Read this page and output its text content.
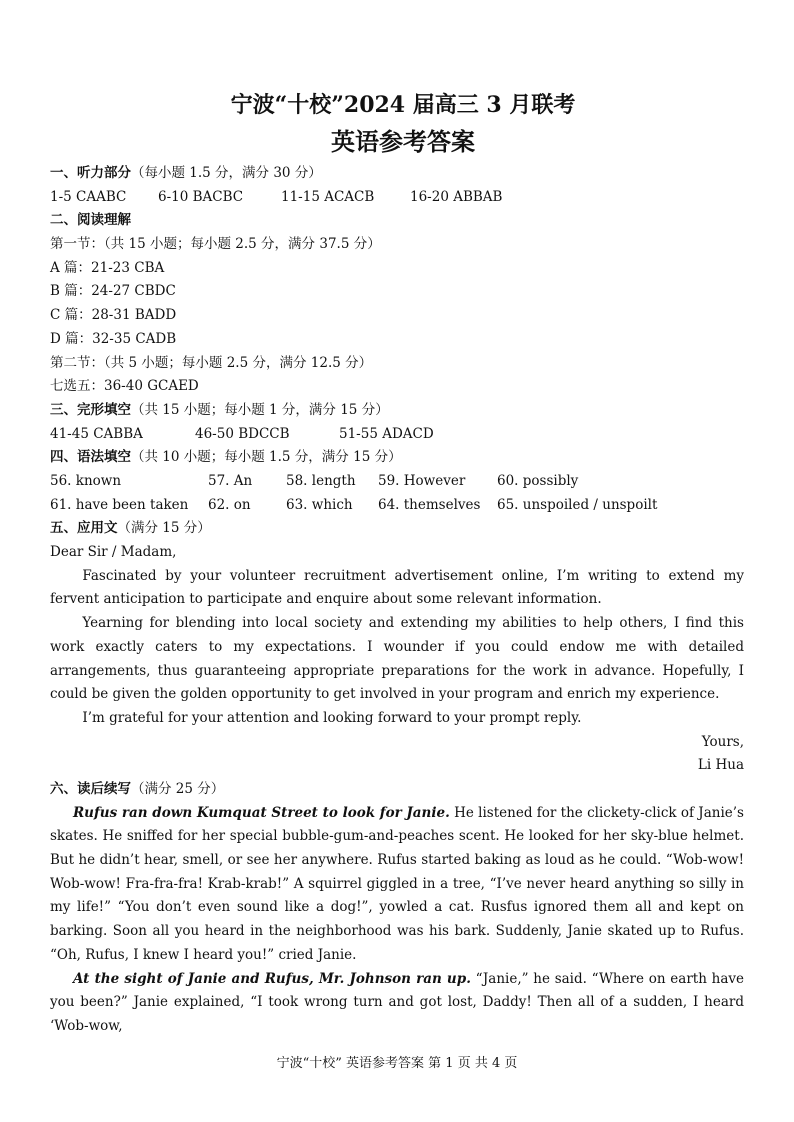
宁波“十校”2024 届高三 3 月联考
英语参考答案
一、听力部分（每小题 1.5 分，满分 30 分）
1-5 CAABC 6-10 BACBC	11-15 ACACB	16-20 ABBAB
二、阅读理解
第一节：（共 15 小题；每小题 2.5 分，满分 37.5 分）
A 篇：21-23 CBA
B 篇：24-27 CBDC
C 篇：28-31 BADD
D 篇：32-35 CADB
第二节：（共 5 小题；每小题 2.5 分，满分 12.5 分）
七选五：36-40 GCAED
三、完形填空（共 15 小题；每小题 1 分，满分 15 分）
41-45 CABBA	46-50 BDCCB	51-55 ADACD
四、语法填空（共 10 小题；每小题 1.5 分，满分 15 分）
56. known	57. An	58. length 59. However 60. possibly
61. have been taken 62. on	63. which 64. themselves 65. unspoiled / unspoilt
五、应用文（满分 15 分）
Dear Sir / Madam,

Fascinated by your volunteer recruitment advertisement online, I’m writing to extend my fervent anticipation to participate and enquire about some relevant information.

Yearning for blending into local society and extending my abilities to help others, I find this work exactly caters to my expectations. I wounder if you could endow me with detailed arrangements, thus guaranteeing appropriate preparations for the work in advance. Hopefully, I could be given the golden opportunity to get involved in your program and enrich my experience.

I’m grateful for your attention and looking forward to your prompt reply.

Yours,
Li Hua
六、读后续写（满分 25 分）

Rufus ran down Kumquat Street to look for Janie. He listened for the clickety-click of Janie’s skates. He sniffed for her special bubble-gum-and-peaches scent. He looked for her sky-blue helmet. But he didn’t hear, smell, or see her anywhere. Rufus started baking as loud as he could. “Wob-wow! Wob-wow! Fra-fra-fra! Krab-krab!” A squirrel giggled in a tree, “I’ve never heard anything so silly in my life!” “You don’t even sound like a dog!”, yowled a cat. Rusfus ignored them all and kept on barking. Soon all you heard in the neighborhood was his bark. Suddenly, Janie skated up to Rufus. “Oh, Rufus, I knew I heard you!” cried Janie.

At the sight of Janie and Rufus, Mr. Johnson ran up. “Janie,” he said. “Where on earth have you been?” Janie explained, “I took wrong turn and got lost, Daddy! Then all of a sudden, I heard ‘Wob-wow,

宁波“十校” 英语参考答案 第 1 页 共 4 页
